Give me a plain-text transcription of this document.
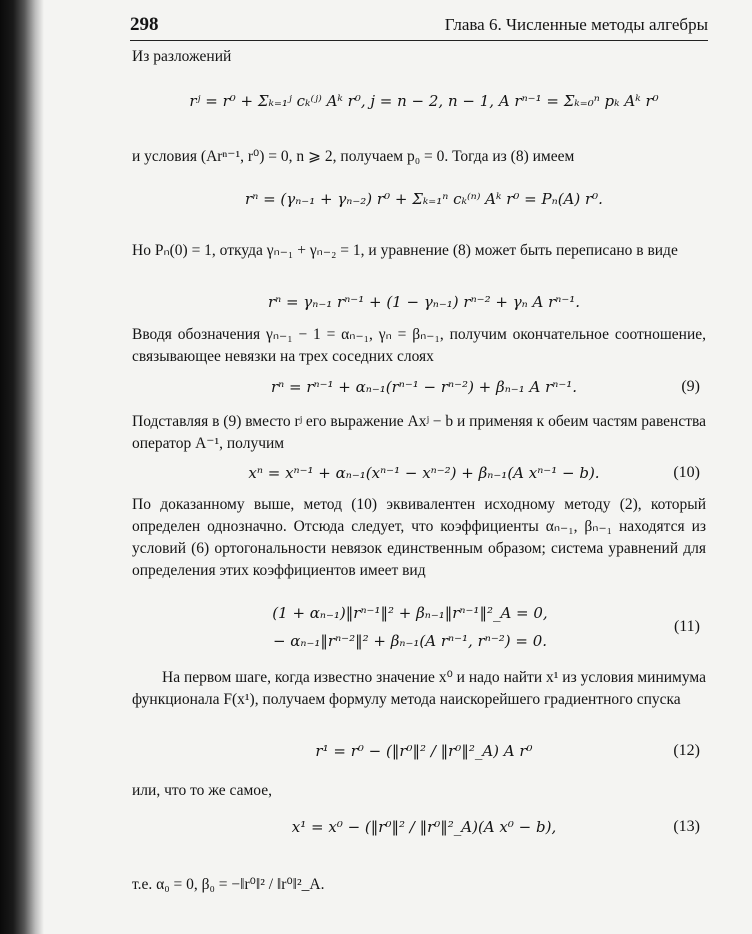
298	Глава 6. Численные методы алгебры

Из разложений

rʲ = r⁰ + Σₖ₌₁ʲ cₖ⁽ʲ⁾ Aᵏ r⁰, j = n − 2, n − 1, A rⁿ⁻¹ = Σₖ₌₀ⁿ pₖ Aᵏ r⁰

и условия (Arⁿ⁻¹, r⁰) = 0, n ⩾ 2, получаем p₀ = 0. Тогда из (8) имеем

rⁿ = (γₙ₋₁ + γₙ₋₂) r⁰ + Σₖ₌₁ⁿ cₖ⁽ⁿ⁾ Aᵏ r⁰ = Pₙ(A) r⁰.

Но Pₙ(0) = 1, откуда γₙ₋₁ + γₙ₋₂ = 1, и уравнение (8) может быть переписано в виде

rⁿ = γₙ₋₁ rⁿ⁻¹ + (1 − γₙ₋₁) rⁿ⁻² + γₙ A rⁿ⁻¹.

Вводя обозначения γₙ₋₁ − 1 = αₙ₋₁, γₙ = βₙ₋₁, получим окончательное соотношение, связывающее невязки на трех соседних слоях

rⁿ = rⁿ⁻¹ + αₙ₋₁(rⁿ⁻¹ − rⁿ⁻²) + βₙ₋₁ A rⁿ⁻¹.	(9)

Подставляя в (9) вместо rʲ его выражение Axʲ − b и применяя к обеим частям равенства оператор A⁻¹, получим

xⁿ = xⁿ⁻¹ + αₙ₋₁(xⁿ⁻¹ − xⁿ⁻²) + βₙ₋₁(A xⁿ⁻¹ − b).	(10)

По доказанному выше, метод (10) эквивалентен исходному методу (2), который определен однозначно. Отсюда следует, что коэффициенты αₙ₋₁, βₙ₋₁ находятся из условий (6) ортогональности невязок единственным образом; система уравнений для определения этих коэффициентов имеет вид

(1 + αₙ₋₁)‖rⁿ⁻¹‖² + βₙ₋₁‖rⁿ⁻¹‖²_A = 0,
− αₙ₋₁‖rⁿ⁻²‖² + βₙ₋₁(A rⁿ⁻¹, rⁿ⁻²) = 0.
(11)

На первом шаге, когда известно значение x⁰ и надо найти x¹ из условия минимума функционала F(x¹), получаем формулу метода наискорейшего градиентного спуска

r¹ = r⁰ − (‖r⁰‖² / ‖r⁰‖²_A) A r⁰	(12)

или, что то же самое,

x¹ = x⁰ − (‖r⁰‖² / ‖r⁰‖²_A)(A x⁰ − b),	(13)

т.е. α₀ = 0, β₀ = −‖r⁰‖² / ‖r⁰‖²_A.
